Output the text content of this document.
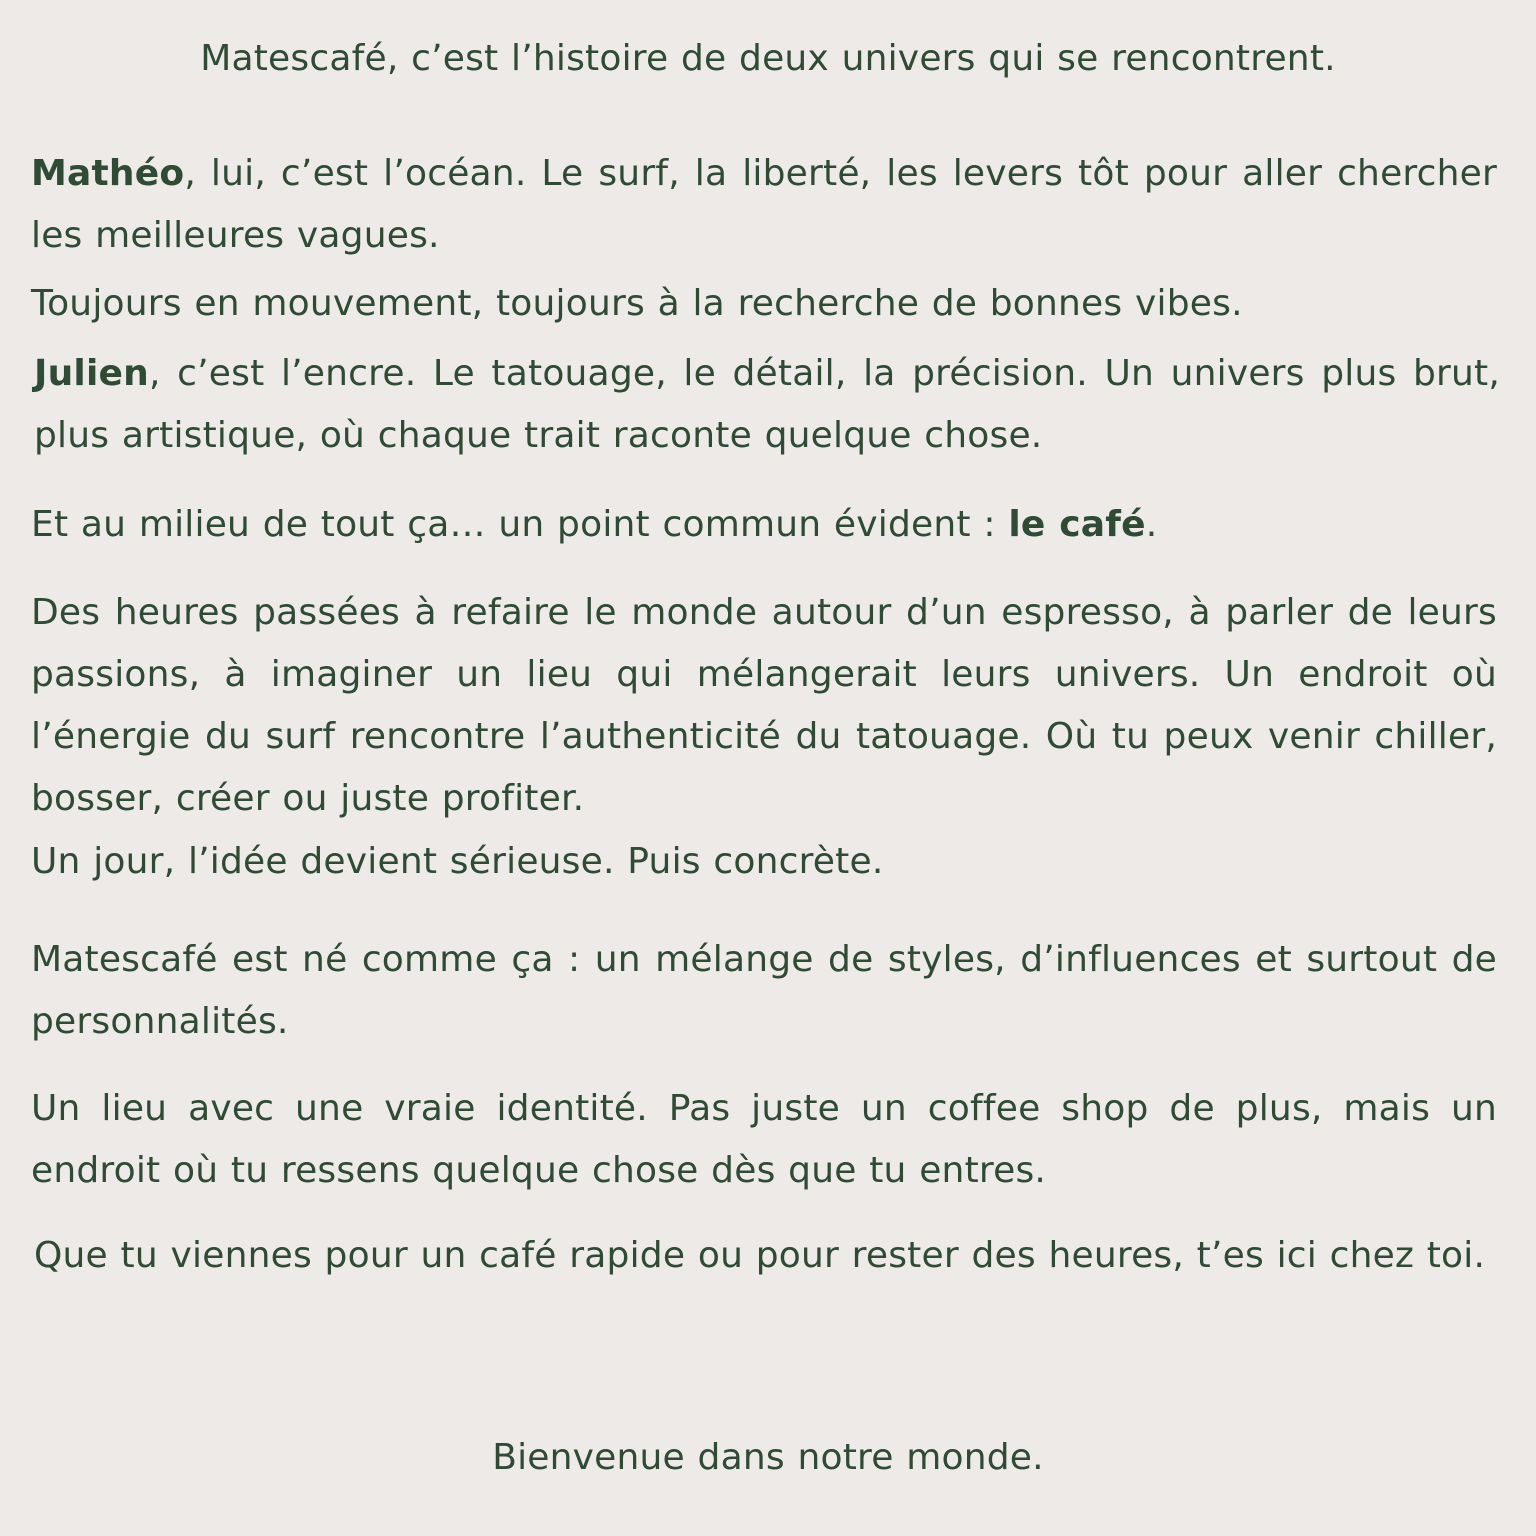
Matescafé, c’est l’histoire de deux univers qui se rencontrent.

Mathéo, lui, c’est l’océan. Le surf, la liberté, les levers tôt pour aller chercher les meilleures vagues.

Toujours en mouvement, toujours à la recherche de bonnes vibes.

Julien, c’est l’encre. Le tatouage, le détail, la précision. Un univers plus brut, plus artistique, où chaque trait raconte quelque chose.

Et au milieu de tout ça… un point commun évident : le café.

Des heures passées à refaire le monde autour d’un espresso, à parler de leurs passions, à imaginer un lieu qui mélangerait leurs univers. Un endroit où l’énergie du surf rencontre l’authenticité du tatouage. Où tu peux venir chiller, bosser, créer ou juste profiter.

Un jour, l’idée devient sérieuse. Puis concrète.

Matescafé est né comme ça : un mélange de styles, d’influences et surtout de personnalités.

Un lieu avec une vraie identité. Pas juste un coffee shop de plus, mais un endroit où tu ressens quelque chose dès que tu entres.

Que tu viennes pour un café rapide ou pour rester des heures, t’es ici chez toi.

Bienvenue dans notre monde.
